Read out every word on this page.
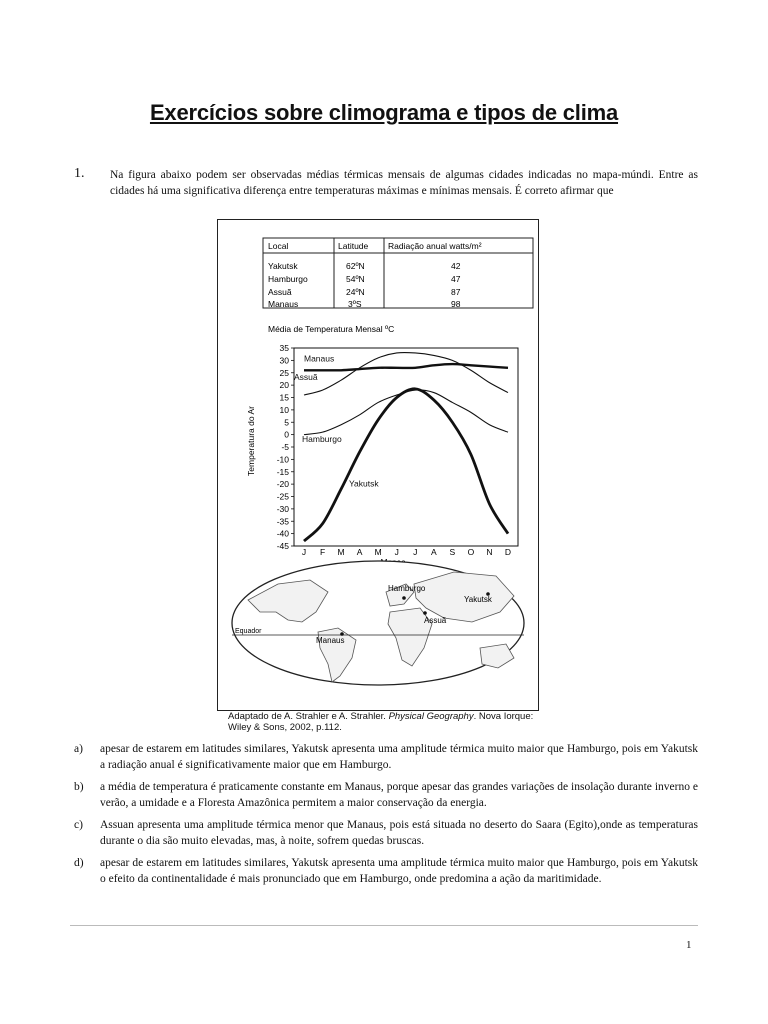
Exercícios sobre climograma e tipos de clima
1. Na figura abaixo podem ser observadas médias térmicas mensais de algumas cidades indicadas no mapa-múndi. Entre as cidades há uma significativa diferença entre temperaturas máximas e mínimas mensais. É correto afirmar que
Local	Latitude Radiação anual watts/m²
Yakutsk	62ºN	42
Hamburgo	54ºN	47
Assuã	24ºN	87
Manaus	3ºS	98
Média de Temperatura Mensal ºC
Temperatura do Ar
35
30
25
20
15
10
5
0
-5
-10
-15
-20
-25
-30
-35
-40
-45
J F M A M J J A S O N D
Manaus
Assuã
Hamburgo
Yakutsk
Hamburgo
Yakutsk
Assuã
Equador
Manaus
Adaptado de A. Strahler e A. Strahler. Physical Geography. Nova Iorque:
Wiley & Sons, 2002, p.112.
a)	apesar de estarem em latitudes similares, Yakutsk apresenta uma amplitude térmica muito maior que Hamburgo, pois em Yakutsk a radiação anual é significativamente maior que em Hamburgo.
b)	a média de temperatura é praticamente constante em Manaus, porque apesar das grandes variações de insolação durante inverno e verão, a umidade e a Floresta Amazônica permitem a maior conservação da energia.
c)	Assuan apresenta uma amplitude térmica menor que Manaus, pois está situada no deserto do Saara (Egito),onde as temperaturas durante o dia são muito elevadas, mas, à noite, sofrem quedas bruscas.
d)	apesar de estarem em latitudes similares, Yakutsk apresenta uma amplitude térmica muito maior que Hamburgo, pois em Yakutsk o efeito da continentalidade é mais pronunciado que em Hamburgo, onde predomina a ação da maritimidade.
1
